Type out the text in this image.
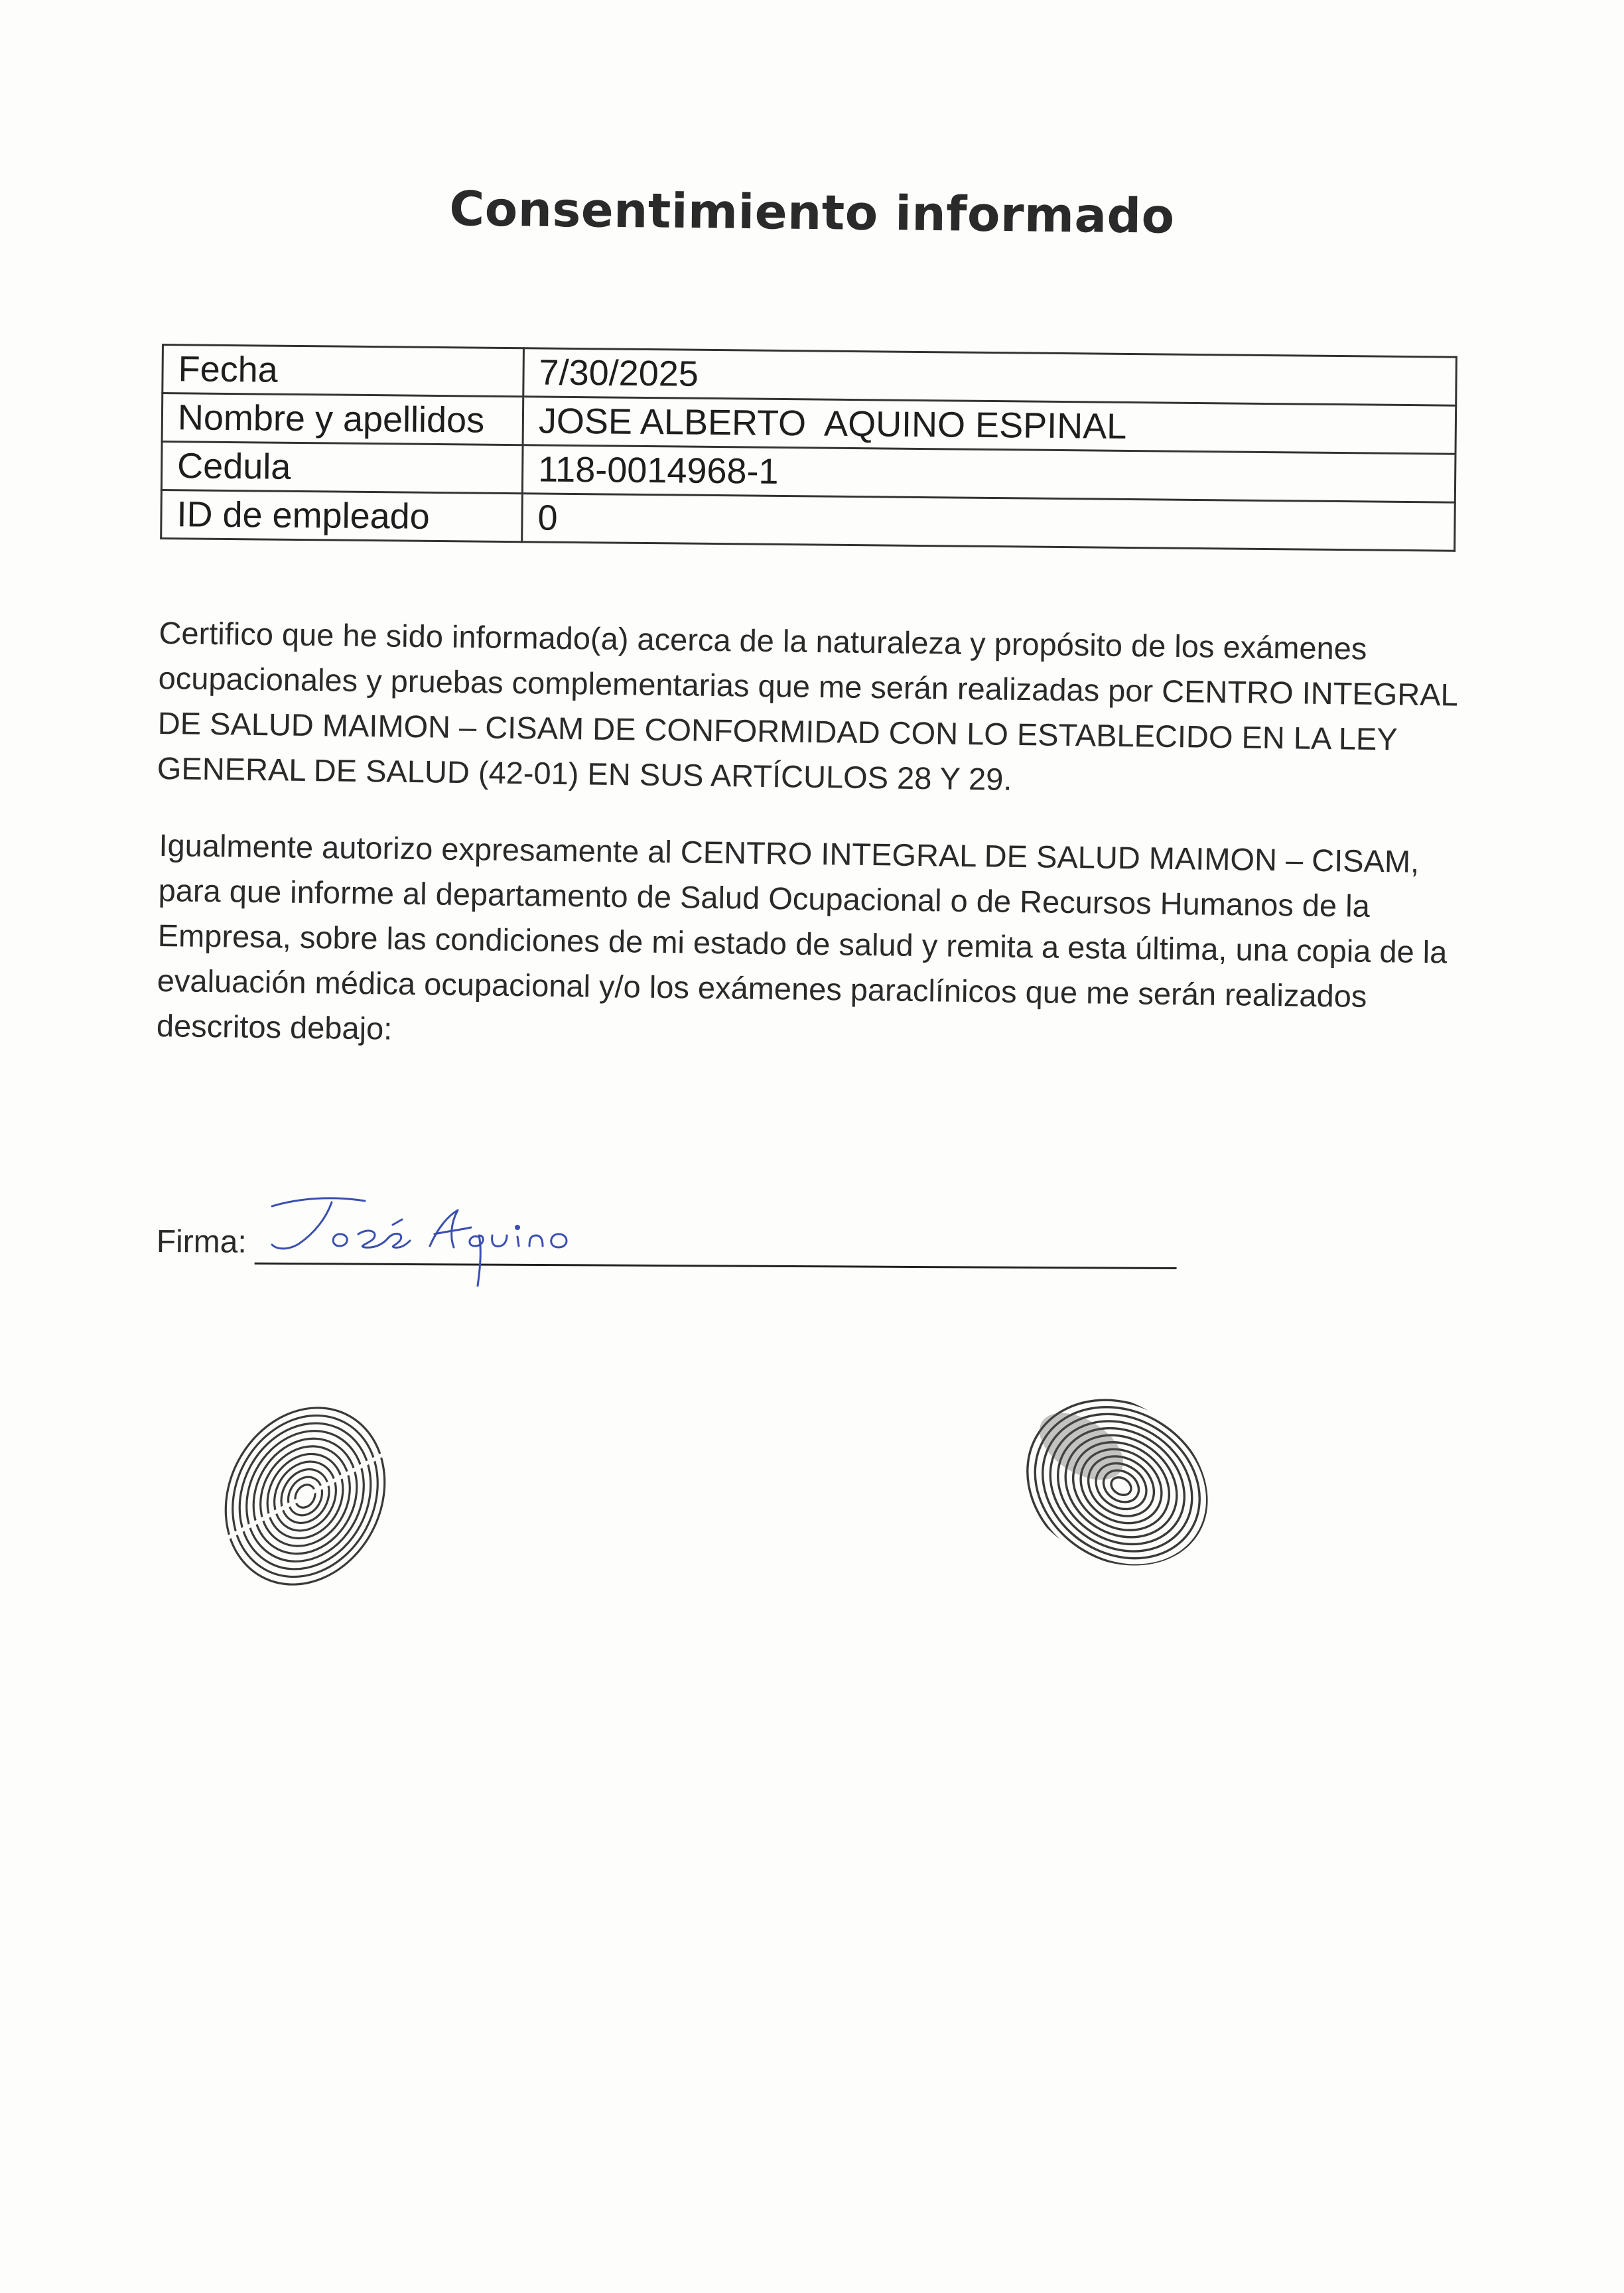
Consentimiento informado
Fecha	7/30/2025
Nombre y apellidos	JOSE ALBERTO  AQUINO ESPINAL
Cedula	118-0014968-1
ID de empleado	0

Certifico que he sido informado(a) acerca de la naturaleza y propósito de los exámenes ocupacionales y pruebas complementarias que me serán realizadas por CENTRO INTEGRAL DE SALUD MAIMON – CISAM DE CONFORMIDAD CON LO ESTABLECIDO EN LA LEY GENERAL DE SALUD (42-01) EN SUS ARTÍCULOS 28 Y 29.

Igualmente autorizo expresamente al CENTRO INTEGRAL DE SALUD MAIMON – CISAM, para que informe al departamento de Salud Ocupacional o de Recursos Humanos de la Empresa, sobre las condiciones de mi estado de salud y remita a esta última, una copia de la evaluación médica ocupacional y/o los exámenes paraclínicos que me serán realizados descritos debajo:

Firma:
